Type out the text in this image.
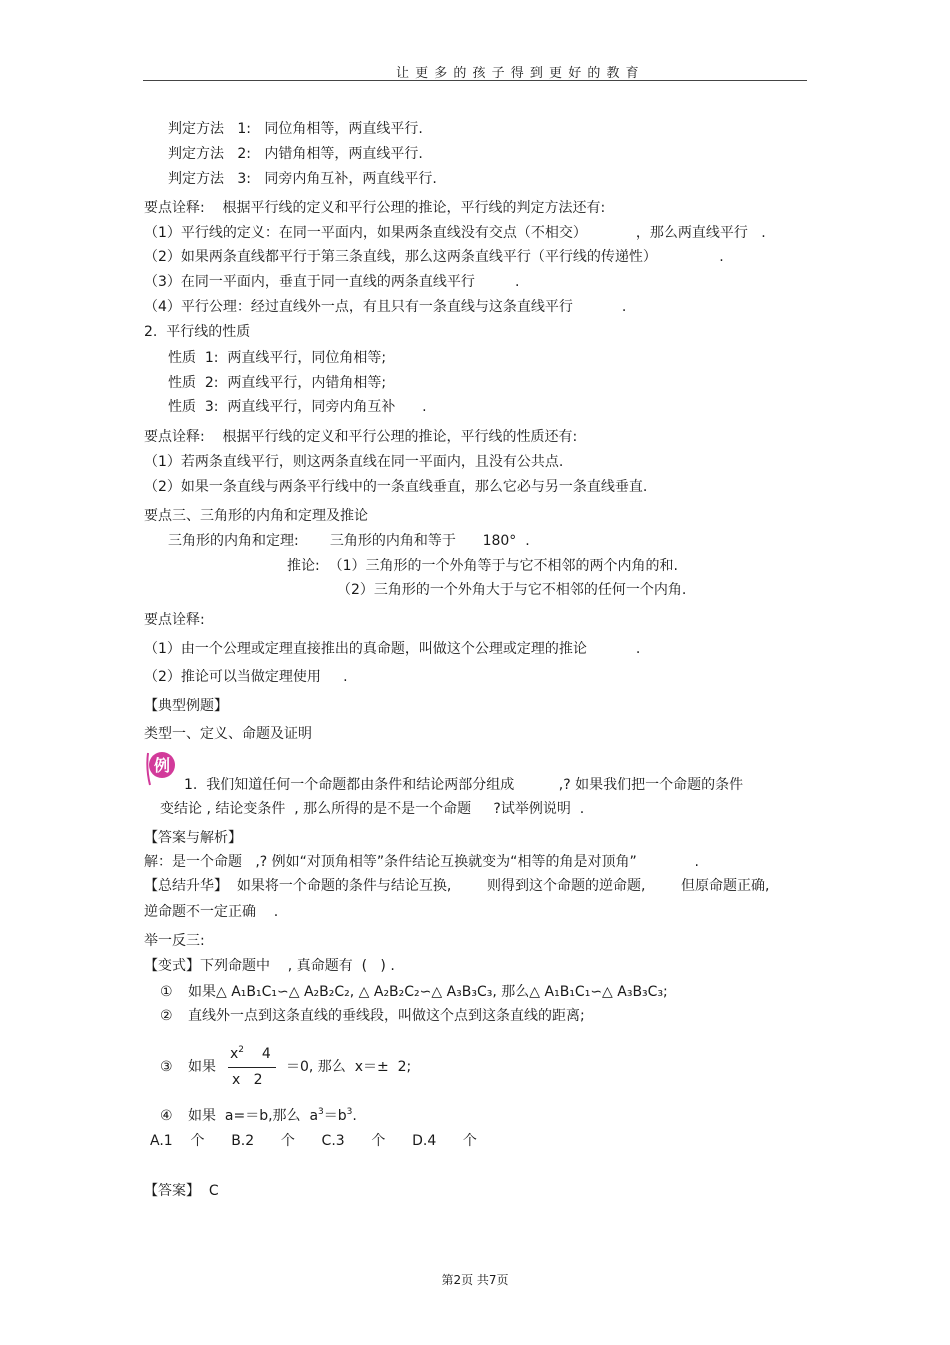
让 更 多 的 孩 子 得 到 更 好 的 教 育
判定方法   1:   同位角相等，两直线平行.
判定方法   2:   内错角相等，两直线平行.
判定方法   3:   同旁内角互补，两直线平行.
要点诠释:    根据平行线的定义和平行公理的推论，平行线的判定方法还有:
（1）平行线的定义：在同一平面内，如果两条直线没有交点（不相交）           ，那么两直线平行   .
（2）如果两条直线都平行于第三条直线，那么这两条直线平行（平行线的传递性）              .
（3）在同一平面内，垂直于同一直线的两条直线平行         .
（4）平行公理：经过直线外一点，有且只有一条直线与这条直线平行           .
2.  平行线的性质
性质  1:  两直线平行，同位角相等;
性质  2:  两直线平行，内错角相等;
性质  3:  两直线平行，同旁内角互补      .
要点诠释:    根据平行线的定义和平行公理的推论，平行线的性质还有:
（1）若两条直线平行，则这两条直线在同一平面内，且没有公共点.
（2）如果一条直线与两条平行线中的一条直线垂直，那么它必与另一条直线垂直.
要点三、三角形的内角和定理及推论
三角形的内角和定理:       三角形的内角和等于      180°  .
推论:  （1）三角形的一个外角等于与它不相邻的两个内角的和.
（2）三角形的一个外角大于与它不相邻的任何一个内角.
要点诠释:
（1）由一个公理或定理直接推出的真命题，叫做这个公理或定理的推论           .
（2）推论可以当做定理使用     .
【典型例题】
类型一、定义、命题及证明
例
1.  我们知道任何一个命题都由条件和结论两部分组成          ,? 如果我们把一个命题的条件
变结论 , 结论变条件  , 那么所得的是不是一个命题     ?试举例说明  .
【答案与解析】
解：是一个命题   ,? 例如“对顶角相等”条件结论互换就变为“相等的角是对顶角”             .
【总结升华】  如果将一个命题的条件与结论互换,        则得到这个命题的逆命题,        但原命题正确,
逆命题不一定正确    .
举一反三:
【变式】下列命题中    , 真命题有  (   ) .
① 如果△ A₁B₁C₁∽△ A₂B₂C₂, △ A₂B₂C₂∽△ A₃B₃C₃, 那么△ A₁B₁C₁∽△ A₃B₃C₃;
② 直线外一点到这条直线的垂线段，叫做这个点到这条直线的距离;
③ 如果
$x^2$ 4
x   2
＝0, 那么  x＝±  2;
④ 如果  a=＝b,那么  $a^3=b^3$.
A.1    个      B.2      个      C.3      个      D.4      个
【答案】  C
第2页 共7页
